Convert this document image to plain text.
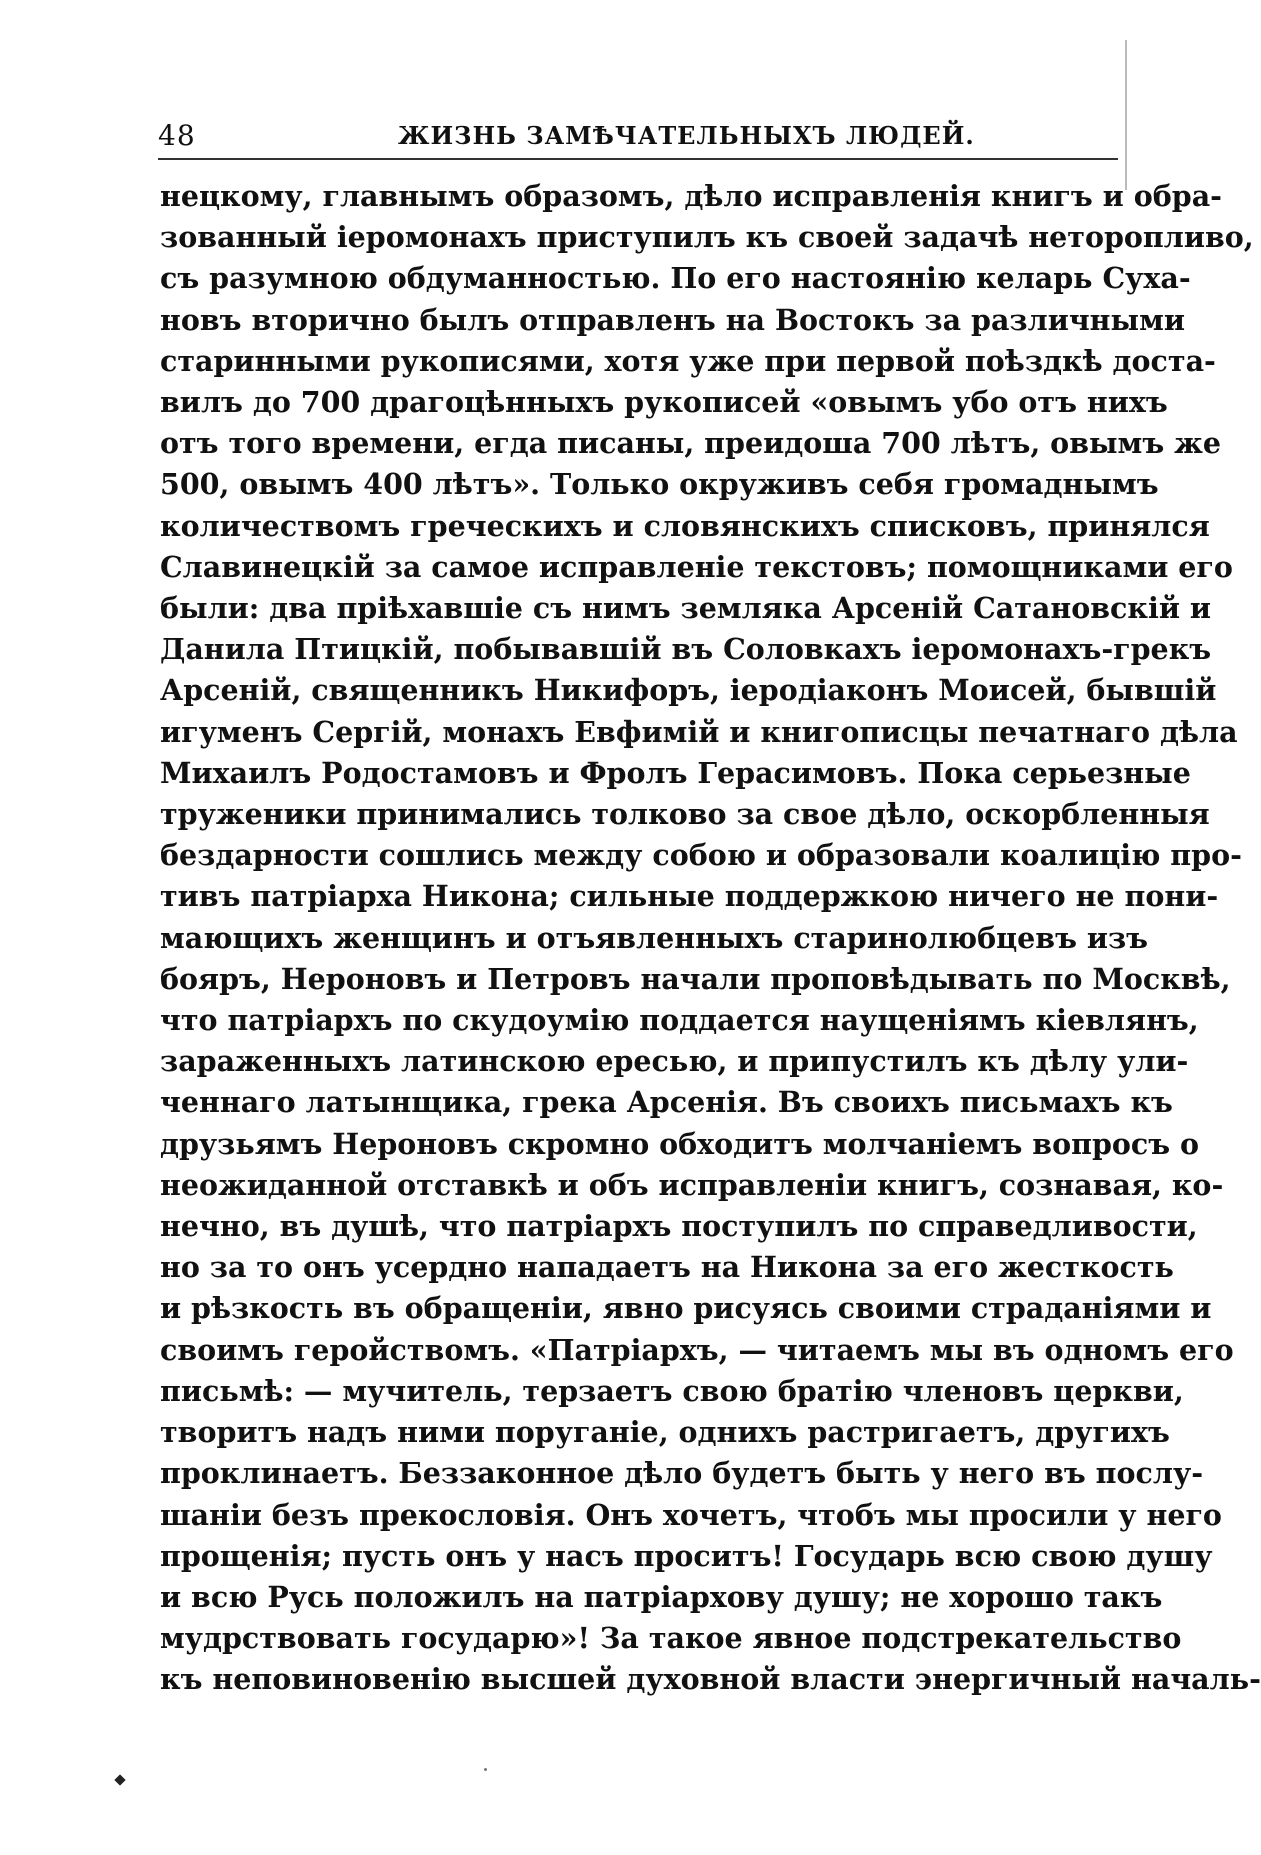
48	ЖИЗНЬ ЗАМѢЧАТЕЛЬНЫХЪ ЛЮДЕЙ.
нецкому, главнымъ образомъ, дѣло исправленія книгъ и обра-
зованный іеромонахъ приступилъ къ своей задачѣ неторопливо,
съ разумною обдуманностью. По его настоянію келарь Суха-
новъ вторично былъ отправленъ на Востокъ за различными
старинными рукописями, хотя уже при первой поѣздкѣ доста-
вилъ до 700 драгоцѣнныхъ рукописей «овымъ убо отъ нихъ
отъ того времени, егда писаны, преидоша 700 лѣтъ, овымъ же
500, овымъ 400 лѣтъ». Только окруживъ себя громаднымъ
количествомъ греческихъ и словянскихъ списковъ, принялся
Славинецкій за самое исправленіе текстовъ; помощниками его
были: два пріѣхавшіе съ нимъ земляка Арсеній Сатановскій и
Данила Птицкій, побывавшій въ Соловкахъ іеромонахъ-грекъ
Арсеній, священникъ Никифоръ, іеродіаконъ Моисей, бывшій
игуменъ Сергій, монахъ Евфимій и книгописцы печатнаго дѣла
Михаилъ Родостамовъ и Фролъ Герасимовъ. Пока серьезные
труженики принимались толково за свое дѣло, оскорбленныя
бездарности сошлись между собою и образовали коалицію про-
тивъ патріарха Никона; сильные поддержкою ничего не пони-
мающихъ женщинъ и отъявленныхъ старинолюбцевъ изъ
бояръ, Нероновъ и Петровъ начали проповѣдывать по Москвѣ,
что патріархъ по скудоумію поддается наущеніямъ кіевлянъ,
зараженныхъ латинскою ересью, и припустилъ къ дѣлу ули-
ченнаго латынщика, грека Арсенія. Въ своихъ письмахъ къ
друзьямъ Нероновъ скромно обходитъ молчаніемъ вопросъ о
неожиданной отставкѣ и объ исправленіи книгъ, сознавая, ко-
нечно, въ душѣ, что патріархъ поступилъ по справедливости,
но за то онъ усердно нападаетъ на Никона за его жесткость
и рѣзкость въ обращеніи, явно рисуясь своими страданіями и
своимъ геройствомъ. «Патріархъ, — читаемъ мы въ одномъ его
письмѣ: — мучитель, терзаетъ свою братію членовъ церкви,
творитъ надъ ними поруганіе, однихъ растригаетъ, другихъ
проклинаетъ. Беззаконное дѣло будетъ быть у него въ послу-
шаніи безъ прекословія. Онъ хочетъ, чтобъ мы просили у него
прощенія; пусть онъ у насъ проситъ! Государь всю свою душу
и всю Русь положилъ на патріархову душу; не хорошо такъ
мудрствовать государю»! За такое явное подстрекательство
къ неповиновенію высшей духовной власти энергичный началь-
